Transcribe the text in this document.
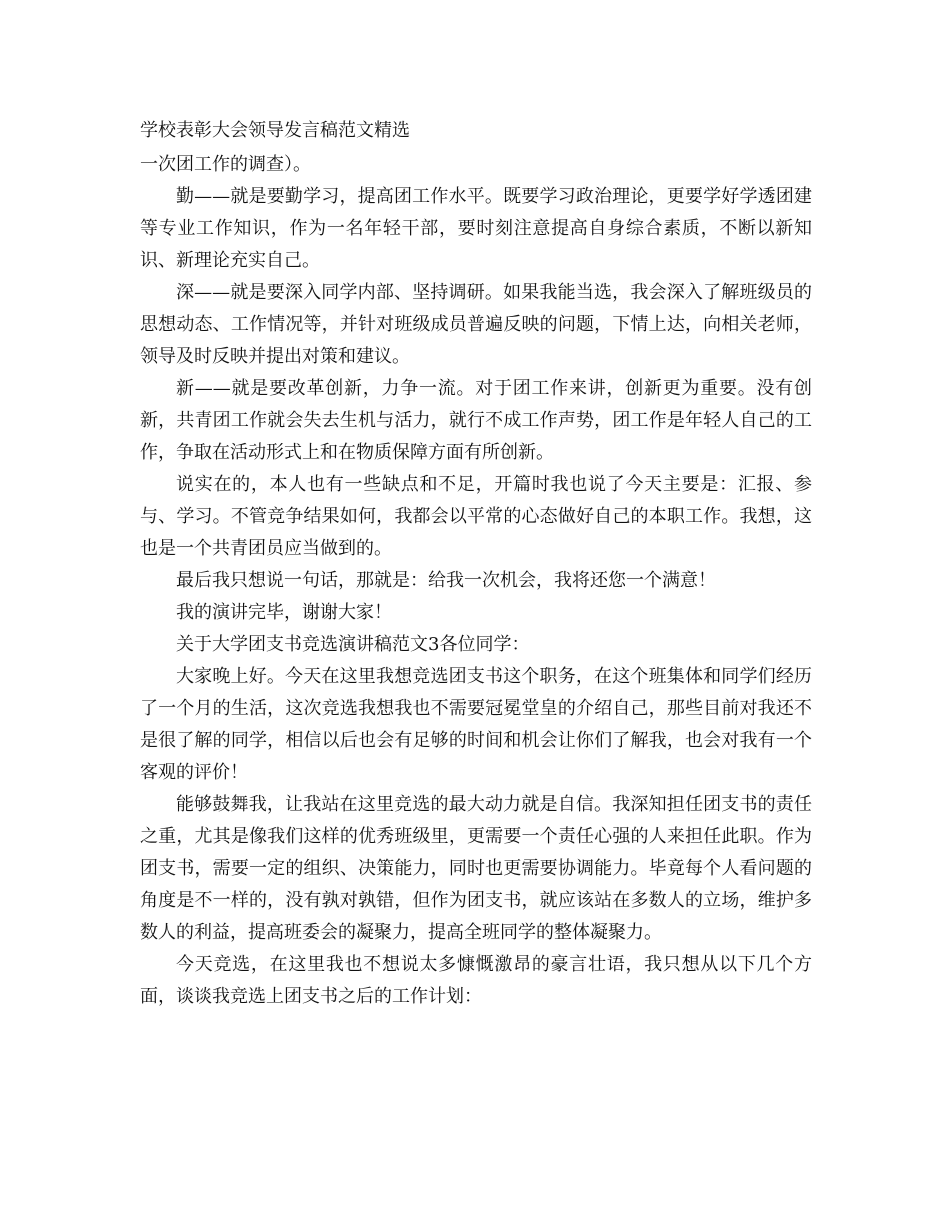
学校表彰大会领导发言稿范文精选

一次团工作的调查）。

勤——就是要勤学习，提高团工作水平。既要学习政治理论，更要学好学透团建等专业工作知识，作为一名年轻干部，要时刻注意提高自身综合素质，不断以新知识、新理论充实自己。

深——就是要深入同学内部、坚持调研。如果我能当选，我会深入了解班级员的思想动态、工作情况等，并针对班级成员普遍反映的问题，下情上达，向相关老师，领导及时反映并提出对策和建议。

新——就是要改革创新，力争一流。对于团工作来讲，创新更为重要。没有创新，共青团工作就会失去生机与活力，就行不成工作声势，团工作是年轻人自己的工作，争取在活动形式上和在物质保障方面有所创新。

说实在的，本人也有一些缺点和不足，开篇时我也说了今天主要是：汇报、参与、学习。不管竞争结果如何，我都会以平常的心态做好自己的本职工作。我想，这也是一个共青团员应当做到的。

最后我只想说一句话，那就是：给我一次机会，我将还您一个满意！

我的演讲完毕，谢谢大家！

关于大学团支书竞选演讲稿范文3各位同学：

大家晚上好。今天在这里我想竞选团支书这个职务，在这个班集体和同学们经历了一个月的生活，这次竞选我想我也不需要冠冕堂皇的介绍自己，那些目前对我还不是很了解的同学，相信以后也会有足够的时间和机会让你们了解我，也会对我有一个客观的评价！

能够鼓舞我，让我站在这里竞选的最大动力就是自信。我深知担任团支书的责任之重，尤其是像我们这样的优秀班级里，更需要一个责任心强的人来担任此职。作为团支书，需要一定的组织、决策能力，同时也更需要协调能力。毕竟每个人看问题的角度是不一样的，没有孰对孰错，但作为团支书，就应该站在多数人的立场，维护多数人的利益，提高班委会的凝聚力，提高全班同学的整体凝聚力。

今天竞选，在这里我也不想说太多慷慨激昂的豪言壮语，我只想从以下几个方面，谈谈我竞选上团支书之后的工作计划：
